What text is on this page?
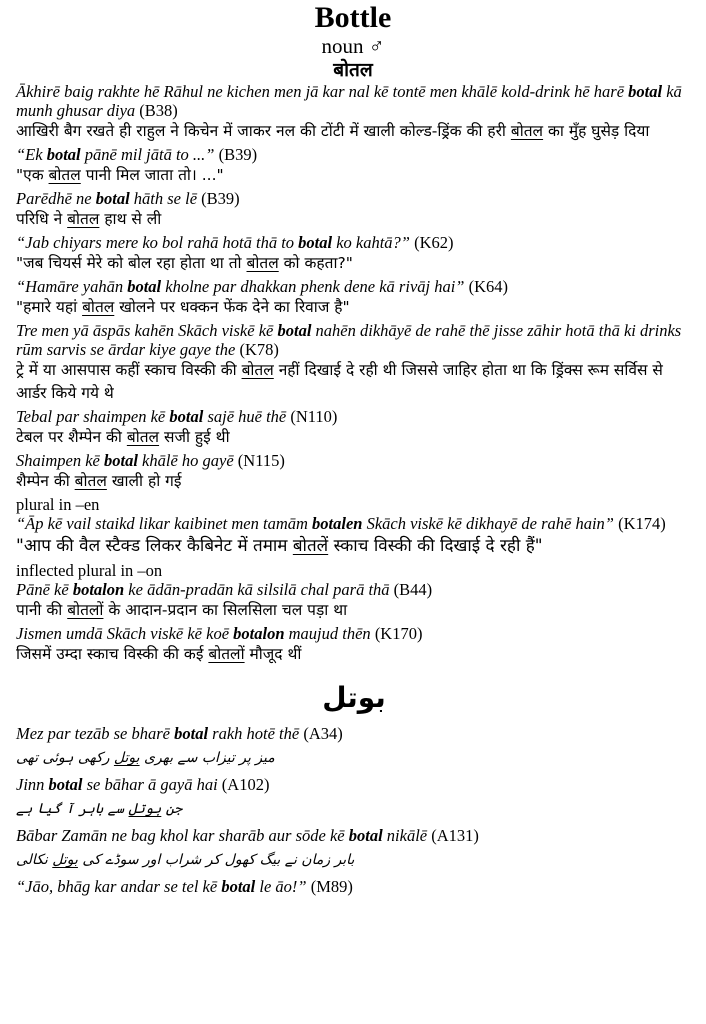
Bottle
noun ♂
बोतल

Ākhirē baig rakhte hē Rāhul ne kichen men jā kar nal kē tontē men khālē kold-drink hē harē botal kā munh ghusar diya (B38)

आखिरी बैग रखते ही राहुल ने किचेन में जाकर नल की टोंटी में खाली कोल्ड-ड्रिंक की हरी बोतल का मुँह घुसेड़ दिया

“Ek botal pānē mil jātā to ...” (B39)

"एक बोतल पानी मिल जाता तो। ..."

Parēdhē ne botal hāth se lē (B39)

परिधि ने बोतल हाथ से ली

“Jab chiyars mere ko bol rahā hotā thā to botal ko kahtā?” (K62)

"जब चियर्स मेरे को बोल रहा होता था तो बोतल को कहता?"

“Hamāre yahān botal kholne par dhakkan phenk dene kā rivāj hai” (K64)

"हमारे यहां बोतल खोलने पर धक्कन फेंक देने का रिवाज है"

Tre men yā āspās kahēn Skāch viskē kē botal nahēn dikhāyē de rahē thē jisse zāhir hotā thā ki drinks rūm sarvis se ārdar kiye gaye the (K78)

ट्रे में या आसपास कहीं स्काच विस्की की बोतल नहीं दिखाई दे रही थी जिससे जाहिर होता था कि ड्रिंक्स रूम सर्विस से आर्डर किये गये थे

Tebal par shaimpen kē botal sajē huē thē (N110)

टेबल पर शैम्पेन की बोतल सजी हुई थी

Shaimpen kē botal khālē ho gayē (N115)

शैम्पेन की बोतल खाली हो गई

plural in –en

“Āp kē vail staikd likar kaibinet men tamām botalen Skāch viskē kē dikhayē de rahē hain” (K174)

"आप की वैल स्टैक्ड लिकर कैबिनेट में तमाम बोतलें स्काच विस्की की दिखाई दे रही हैं"

inflected plural in –on

Pānē kē botalon ke ādān-pradān kā silsilā chal parā thā (B44)

पानी की बोतलों के आदान-प्रदान का सिलसिला चल पड़ा था

Jismen umdā Skāch viskē kē koē botalon maujud thēn (K170)

जिसमें उम्दा स्काच विस्की की कई बोतलों मौजूद थीं

بوتل

Mez par tezāb se bharē botal rakh hotē thē (A34)

میز پر تیزاب سے بھری بوتل رکھی ہوئی تھی

Jinn botal se bāhar ā gayā hai (A102)

جن بوتل سے باہر آ گیا ہے

Bābar Zamān ne bag khol kar sharāb aur sōde kē botal nikālē (A131)

بابر زمان نے بیگ کھول کر شراب اور سوڈے کی بوتل نکالی

“Jāo, bhāg kar andar se tel kē botal le āo!” (M89)
